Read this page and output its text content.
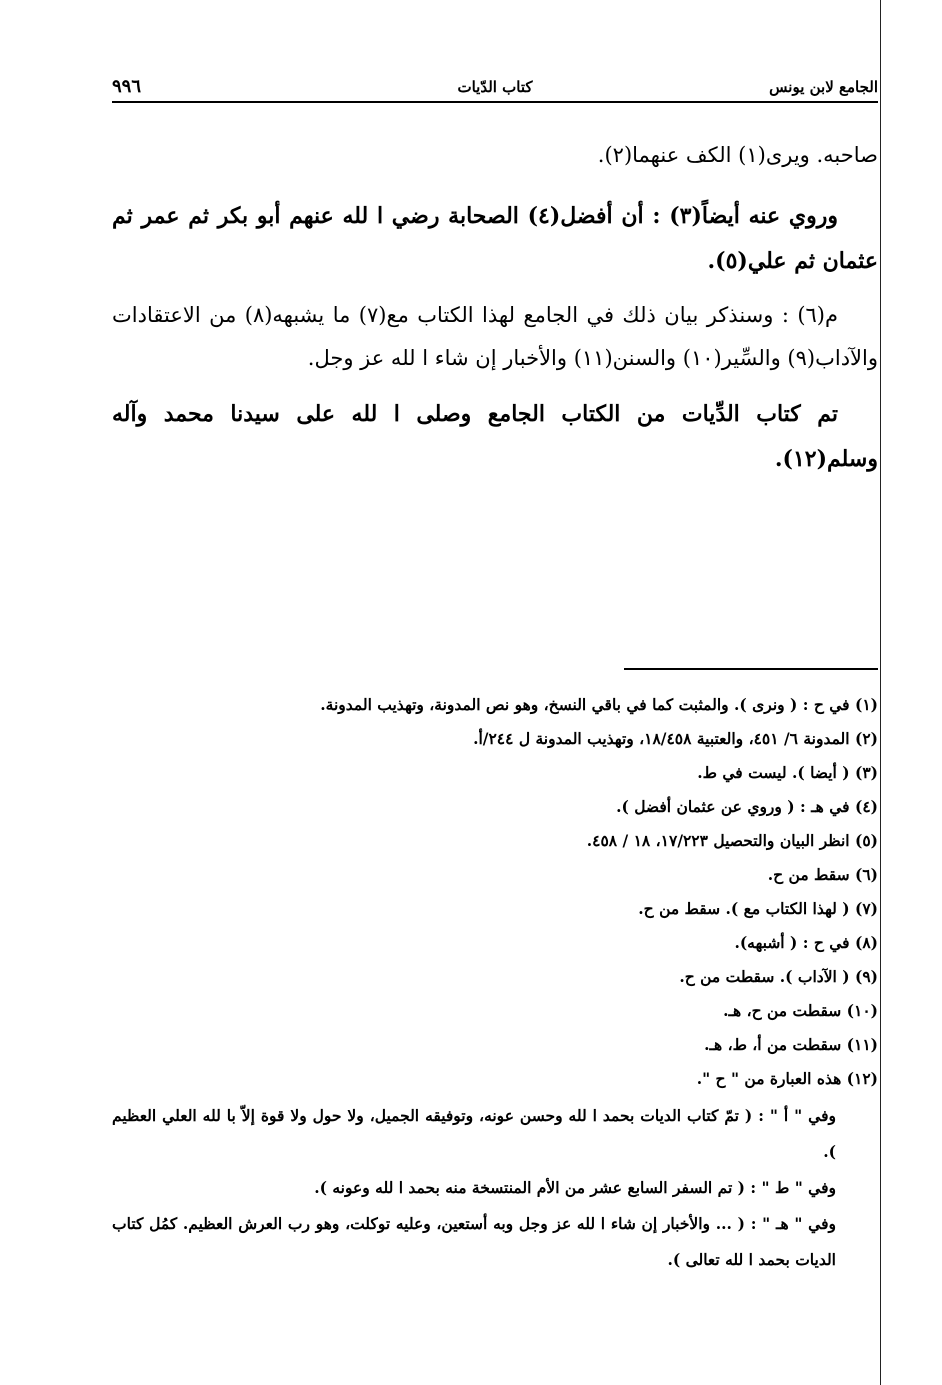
الجامع لابن يونس
كتاب الدّيات
٩٩٦
صاحبه. ويرى(١) الكف عنهما(٢).
وروي عنه أيضاً(٣) : أن أفضل(٤) الصحابة رضي ا لله عنهم أبو بكر ثم عمر ثم عثمان ثم علي(٥).
م(٦) : وسنذكر بيان ذلك في الجامع لهذا الكتاب مع(٧) ما يشبهه(٨) من الاعتقادات والآداب(٩) والسِّير(١٠) والسنن(١١) والأخبار إن شاء ا لله عز وجل.
تم كتاب الدِّيات من الكتاب الجامع وصلى ا لله على سيدنا محمد وآله وسلم(١٢).
(١) في ح : ( ونرى ). والمثبت كما في باقي النسخ، وهو نص المدونة، وتهذيب المدونة.
(٢) المدونة ٦/ ٤٥١، والعتبية ١٨/٤٥٨، وتهذيب المدونة ل ٢٤٤/أ.
(٣) ( أيضا ). ليست في ط.
(٤) في هـ : ( وروي عن عثمان أفضل ).
(٥) انظر البيان والتحصيل ١٧/٢٢٣، ١٨ / ٤٥٨.
(٦) سقط من ح.
(٧) ( لهذا الكتاب مع ). سقط من ح.
(٨) في ح : ( أشبهه).
(٩) ( الآداب ). سقطت من ح.
(١٠) سقطت من ح، هـ.
(١١) سقطت من أ، ط، هـ.
(١٢) هذه العبارة من " ح ".

وفي " أ " : ( تمّ كتاب الديات بحمد ا لله وحسن عونه، وتوفيقه الجميل، ولا حول ولا قوة إلاّ با لله العلي العظيم ).

وفي " ط " : ( تم السفر السابع عشر من الأم المنتسخة منه بحمد ا لله وعونه ).

وفي " هـ " : ( ... والأخبار إن شاء ا لله عز وجل وبه أستعين، وعليه توكلت، وهو رب العرش العظيم. كمُل كتاب الديات بحمد ا لله تعالى ).
